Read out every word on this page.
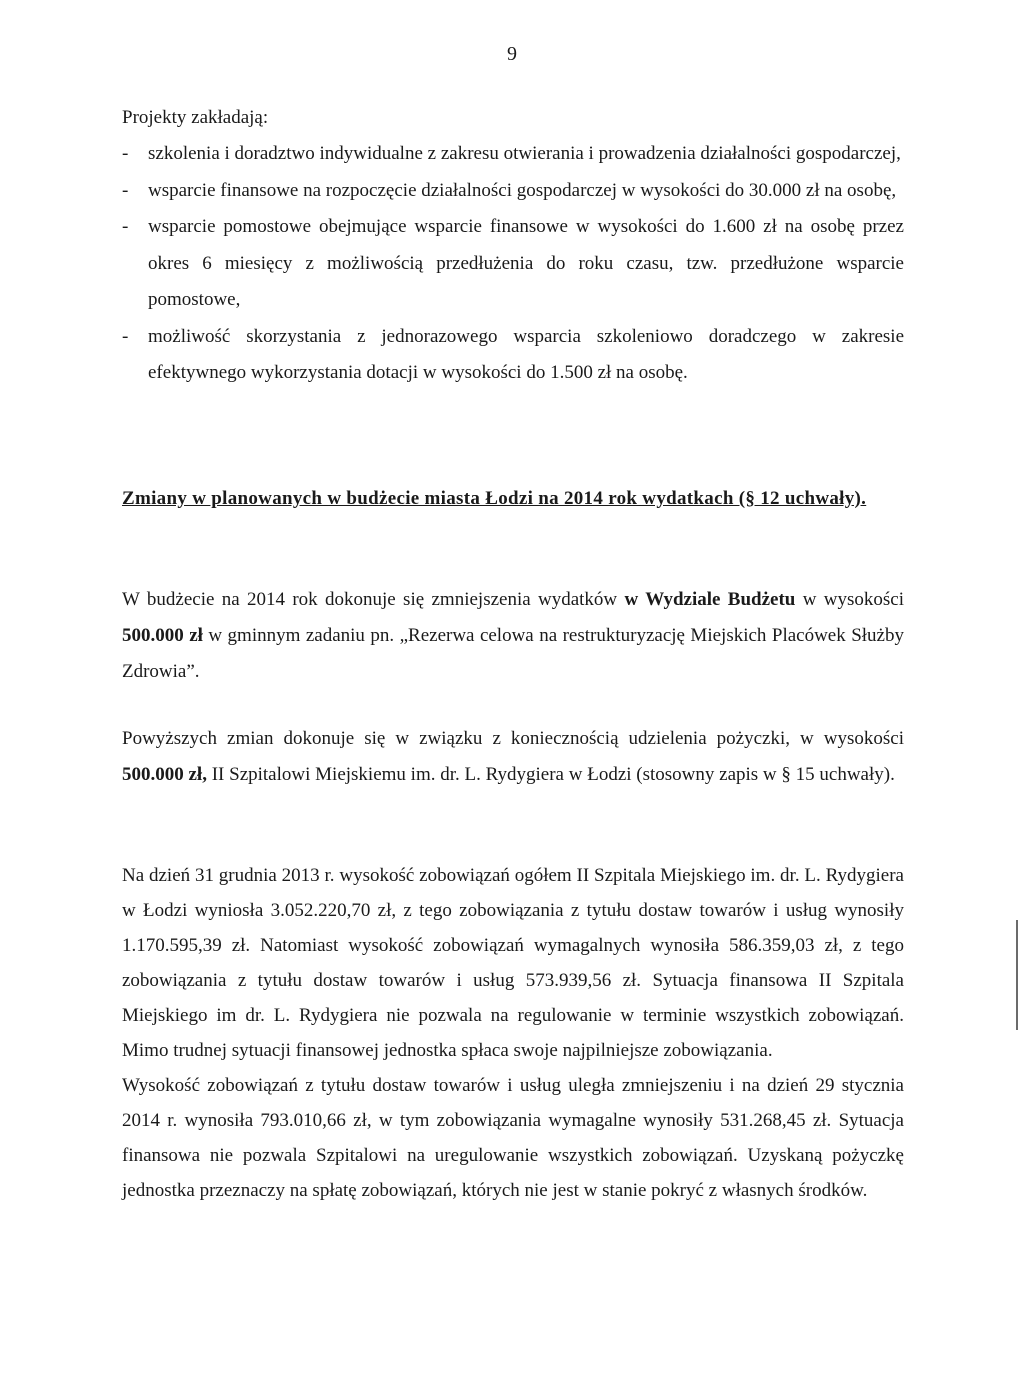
9
Projekty zakładają:
- szkolenia i doradztwo indywidualne z zakresu otwierania i prowadzenia działalności gospodarczej,
- wsparcie finansowe na rozpoczęcie działalności gospodarczej w wysokości do 30.000 zł na osobę,
- wsparcie pomostowe obejmujące wsparcie finansowe w wysokości do 1.600 zł na osobę przez okres 6 miesięcy z możliwością przedłużenia do roku czasu, tzw. przedłużone wsparcie pomostowe,
- możliwość skorzystania z jednorazowego wsparcia szkoleniowo doradczego w zakresie efektywnego wykorzystania dotacji w wysokości do 1.500 zł na osobę.
Zmiany w planowanych w budżecie miasta Łodzi na 2014 rok wydatkach (§ 12 uchwały).
W budżecie na 2014 rok dokonuje się zmniejszenia wydatków w Wydziale Budżetu w wysokości 500.000 zł w gminnym zadaniu pn. „Rezerwa celowa na restrukturyzację Miejskich Placówek Służby Zdrowia”.
Powyższych zmian dokonuje się w związku z koniecznością udzielenia pożyczki, w wysokości 500.000 zł, II Szpitalowi Miejskiemu im. dr. L. Rydygiera w Łodzi (stosowny zapis w § 15 uchwały).
Na dzień 31 grudnia 2013 r. wysokość zobowiązań ogółem II Szpitala Miejskiego im. dr. L. Rydygiera w Łodzi wyniosła 3.052.220,70 zł, z tego zobowiązania z tytułu dostaw towarów i usług wynosiły 1.170.595,39 zł. Natomiast wysokość zobowiązań wymagalnych wynosiła 586.359,03 zł, z tego zobowiązania z tytułu dostaw towarów i usług 573.939,56 zł. Sytuacja finansowa II Szpitala Miejskiego im dr. L. Rydygiera nie pozwala na regulowanie w terminie wszystkich zobowiązań. Mimo trudnej sytuacji finansowej jednostka spłaca swoje najpilniejsze zobowiązania.
Wysokość zobowiązań z tytułu dostaw towarów i usług uległa zmniejszeniu i na dzień 29 stycznia 2014 r. wynosiła 793.010,66 zł, w tym zobowiązania wymagalne wynosiły 531.268,45 zł. Sytuacja finansowa nie pozwala Szpitalowi na uregulowanie wszystkich zobowiązań. Uzyskaną pożyczkę jednostka przeznaczy na spłatę zobowiązań, których nie jest w stanie pokryć z własnych środków.
